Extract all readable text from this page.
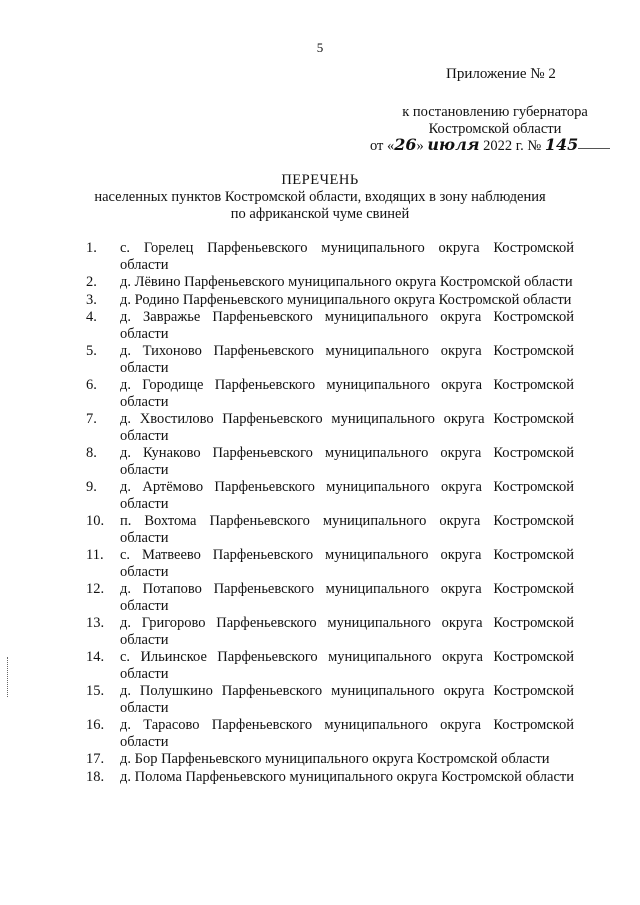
5
Приложение № 2
к постановлению губернатора
Костромской области
от «26» июля 2022 г. № 145
ПЕРЕЧЕНЬ
населенных пунктов Костромской области, входящих в зону наблюдения
по африканской чуме свиней
1.	с. Горелец Парфеньевского муниципального округа Костромской области
2.	д. Лёвино Парфеньевского муниципального округа Костромской области
3.	д. Родино Парфеньевского муниципального округа Костромской области
4.	д. Завражье Парфеньевского муниципального округа Костромской области
5.	д. Тихоново Парфеньевского муниципального округа Костромской области
6.	д. Городище Парфеньевского муниципального округа Костромской области
7.	д. Хвостилово Парфеньевского муниципального округа Костромской области
8.	д. Кунаково Парфеньевского муниципального округа Костромской области
9.	д. Артёмово Парфеньевского муниципального округа Костромской области
10.	п. Вохтома Парфеньевского муниципального округа Костромской области
11.	с. Матвеево Парфеньевского муниципального округа Костромской области
12.	д. Потапово Парфеньевского муниципального округа Костромской области
13.	д. Григорово Парфеньевского муниципального округа Костромской области
14.	с. Ильинское Парфеньевского муниципального округа Костромской области
15.	д. Полушкино Парфеньевского муниципального округа Костромской области
16.	д. Тарасово Парфеньевского муниципального округа Костромской области
17.	д. Бор Парфеньевского муниципального округа Костромской области
18.	д. Полома Парфеньевского муниципального округа Костромской области
